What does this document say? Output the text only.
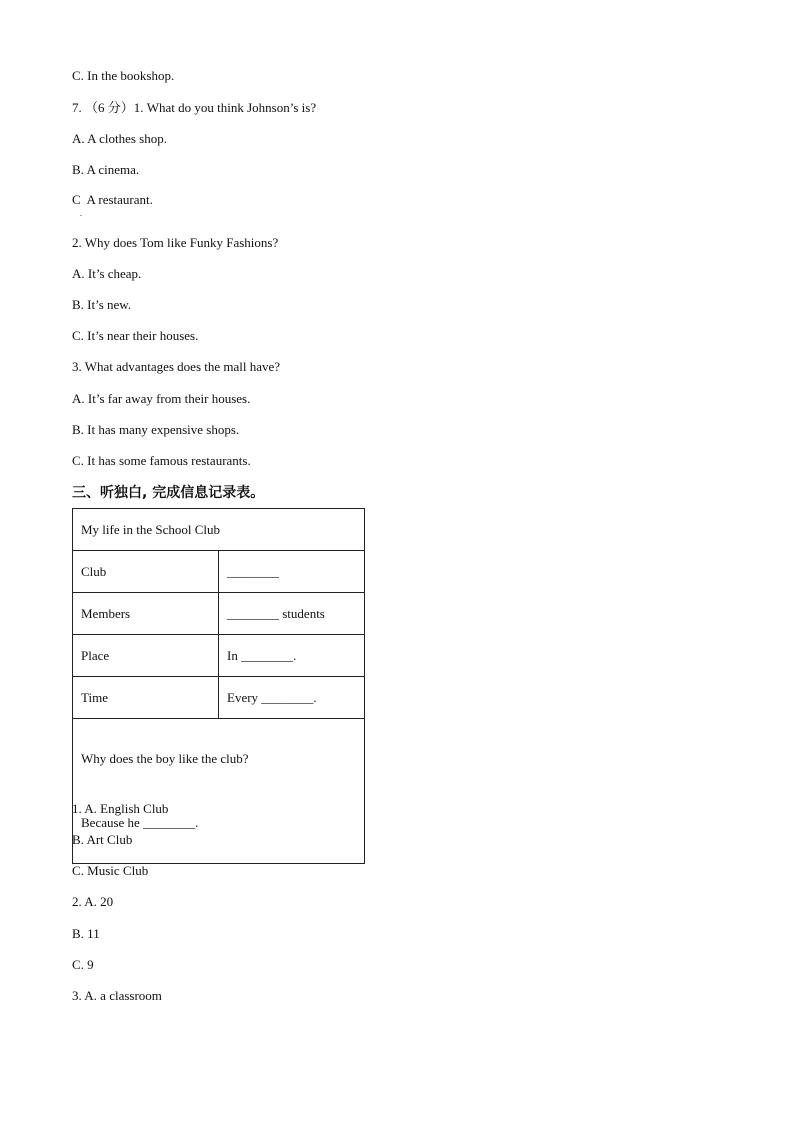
C. In the bookshop.
7. （6 分）1. What do you think Johnson’s is?
A. A clothes shop.
B. A cinema.
C  A restaurant.
.
2. Why does Tom like Funky Fashions?
A. It’s cheap.
B. It’s new.
C. It’s near their houses.
3. What advantages does the mall have?
A. It’s far away from their houses.
B. It has many expensive shops.
C. It has some famous restaurants.
三、听独白, 完成信息记录表。
My life in the School Club	
Club	________
Members	________ students
Place	In ________.
Time	Every ________.

Why does the boy like the club?

Because he ________.	

1. A. English Club
B. Art Club
C. Music Club
2. A. 20
B. 11
C. 9
3. A. a classroom
